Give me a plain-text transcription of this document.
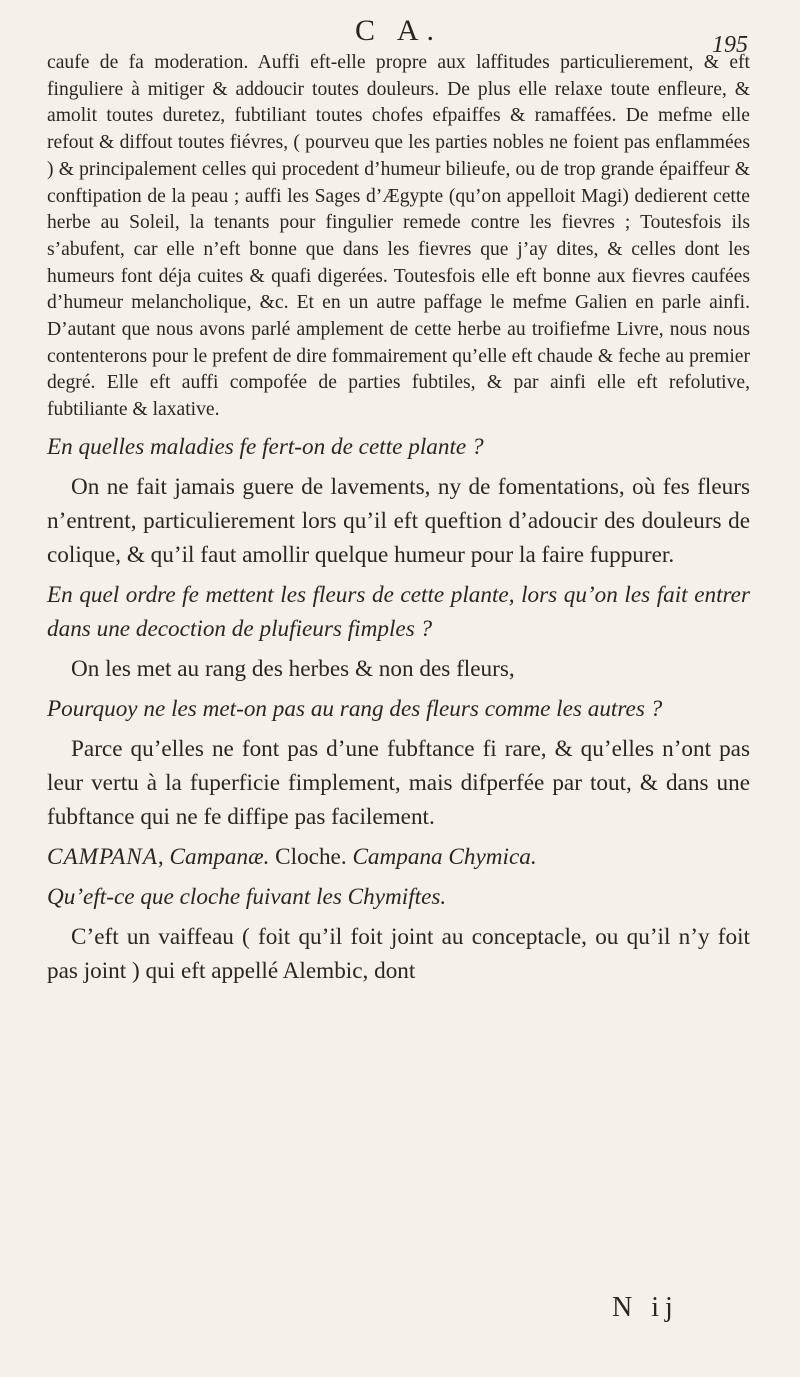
C A.	195

caufe de fa moderation. Auffi eft-elle propre aux laffitudes particulierement, & eft finguliere à mitiger & addoucir toutes douleurs. De plus elle relaxe toute enfleure, & amolit toutes duretez, fubtiliant toutes chofes efpaiffes & ramaffées. De mefme elle refout & diffout toutes fiévres, ( pourveu que les parties nobles ne foient pas enflammées ) & principalement celles qui procedent d’humeur bilieufe, ou de trop grande épaiffeur & conftipation de la peau ; auffi les Sages d’Ægypte (qu’on appelloit Magi) dedierent cette herbe au Soleil, la tenants pour fingulier remede contre les fievres ; Toutesfois ils s’abufent, car elle n’eft bonne que dans les fievres que j’ay dites, & celles dont les humeurs font déja cuites & quafi digerées. Toutesfois elle eft bonne aux fievres caufées d’humeur melancholique, &c. Et en un autre paffage le mefme Galien en parle ainfi. D’autant que nous avons parlé amplement de cette herbe au troifiefme Livre, nous nous contenterons pour le prefent de dire fommairement qu’elle eft chaude & feche au premier degré. Elle eft auffi compofée de parties fubtiles, & par ainfi elle eft refolutive, fubtiliante & laxative.

En quelles maladies fe fert-on de cette plante ?

On ne fait jamais guere de lavements, ny de fomentations, où fes fleurs n’entrent, particulierement lors qu’il eft queftion d’adoucir des douleurs de colique, & qu’il faut amollir quelque humeur pour la faire fuppurer.

En quel ordre fe mettent les fleurs de cette plante, lors qu’on les fait entrer dans une decoction de plufieurs fimples ?

On les met au rang des herbes & non des fleurs,

Pourquoy ne les met-on pas au rang des fleurs comme les autres ?

Parce qu’elles ne font pas d’une fubftance fi rare, & qu’elles n’ont pas leur vertu à la fuperficie fimplement, mais difperfée par tout, & dans une fubftance qui ne fe diffipe pas facilement.

CAMPANA, Campanæ. Cloche. Campana Chymica.

Qu’eft-ce que cloche fuivant les Chymiftes.

C’eft un vaiffeau ( foit qu’il foit joint au conceptacle, ou qu’il n’y foit pas joint ) qui eft appellé Alembic, dont

N ij
